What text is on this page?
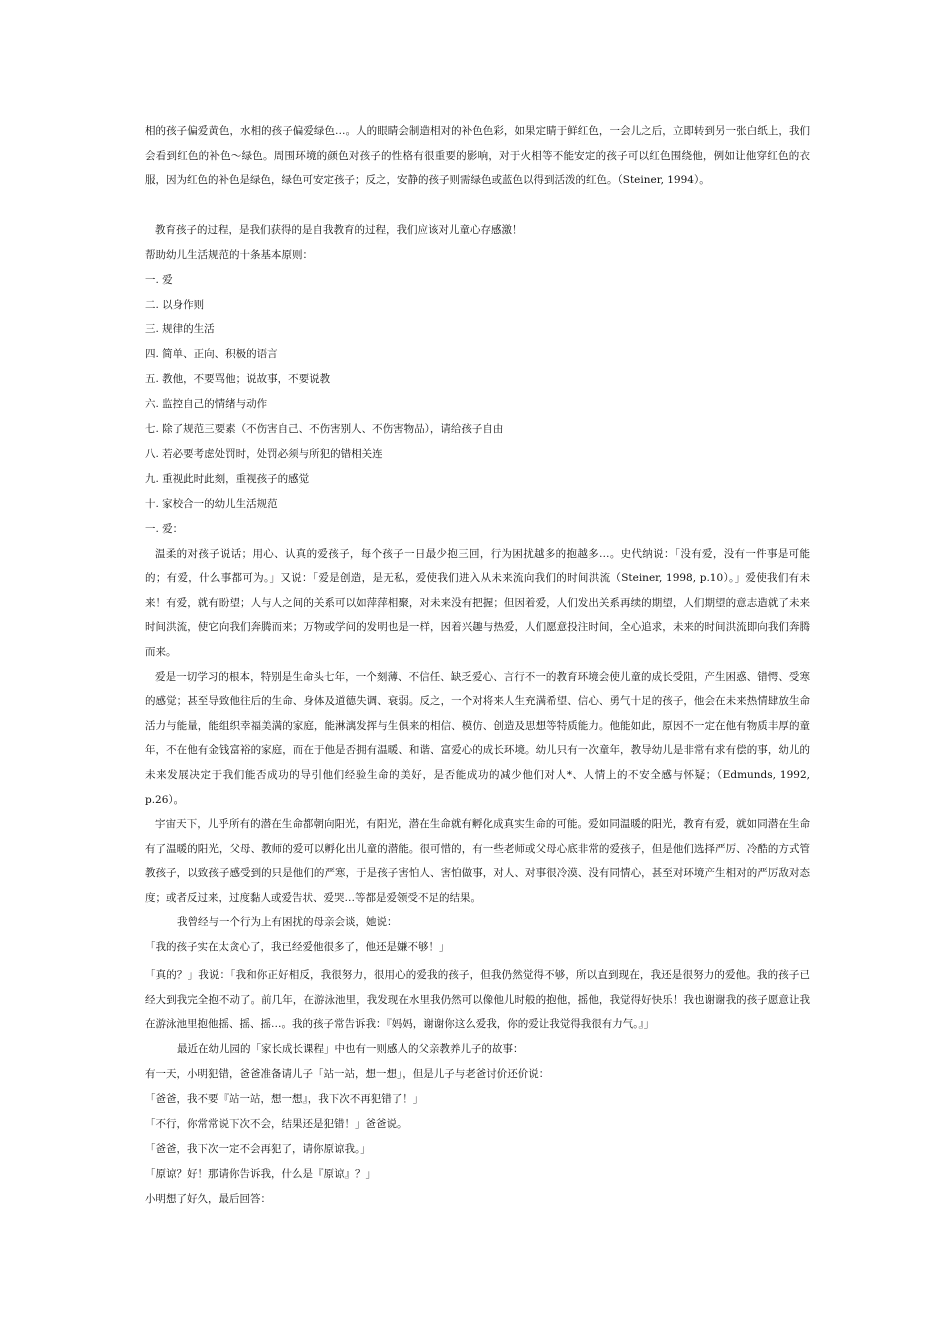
相的孩子偏爱黄色，水相的孩子偏爱绿色…。人的眼睛会制造相对的补色色彩，如果定睛于鲜红色，一会儿之后，立即转到另一张白纸上，我们会看到红色的补色～绿色。周围环境的颜色对孩子的性格有很重要的影响，对于火相等不能安定的孩子可以红色围绕他，例如让他穿红色的衣服，因为红色的补色是绿色，绿色可安定孩子；反之，安静的孩子则需绿色或蓝色以得到活泼的红色。（Steiner, 1994）。

教育孩子的过程，是我们获得的是自我教育的过程，我们应该对儿童心存感激！

帮助幼儿生活规范的十条基本原则：

一. 爱

二. 以身作则

三. 规律的生活

四. 简单、正向、积极的语言

五. 教他，不要骂他；说故事，不要说教

六. 监控自己的情绪与动作

七. 除了规范三要素（不伤害自己、不伤害别人、不伤害物品），请给孩子自由

八. 若必要考虑处罚时，处罚必须与所犯的错相关连

九. 重视此时此刻，重视孩子的感觉

十. 家校合一的幼儿生活规范

一. 爱：

温柔的对孩子说话；用心、认真的爱孩子，每个孩子一日最少抱三回，行为困扰越多的抱越多…。史代纳说：「没有爱，没有一件事是可能的；有爱，什么事都可为。」又说：「爱是创造，是无私，爱使我们进入从未来流向我们的时间洪流（Steiner, 1998, p.10）。」爱使我们有未来！有爱，就有盼望；人与人之间的关系可以如萍萍相聚，对未来没有把握；但因着爱，人们发出关系再续的期望，人们期望的意志造就了未来时间洪流，使它向我们奔腾而来；万物或学问的发明也是一样，因着兴趣与热爱，人们愿意投注时间，全心追求，未来的时间洪流即向我们奔腾而来。

爱是一切学习的根本，特别是生命头七年，一个刻薄、不信任、缺乏爱心、言行不一的教育环境会使儿童的成长受阻，产生困惑、错愕、受寒的感觉；甚至导致他往后的生命、身体及道德失调、衰弱。反之，一个对将来人生充满希望、信心、勇气十足的孩子，他会在未来热情肆放生命活力与能量，能组织幸福美满的家庭，能淋漓发挥与生俱来的相信、模仿、创造及思想等特质能力。他能如此，原因不一定在他有物质丰厚的童年，不在他有金钱富裕的家庭，而在于他是否拥有温暖、和谐、富爱心的成长环境。幼儿只有一次童年，教导幼儿是非常有求有偿的事，幼儿的未来发展决定于我们能否成功的导引他们经验生命的美好，是否能成功的减少他们对人*、人情上的不安全感与怀疑；（Edmunds, 1992, p.26）。

宇宙天下，儿乎所有的潜在生命都朝向阳光，有阳光，潜在生命就有孵化成真实生命的可能。爱如同温暖的阳光，教育有爱，就如同潜在生命有了温暖的阳光，父母、教师的爱可以孵化出儿童的潜能。很可惜的，有一些老师或父母心底非常的爱孩子，但是他们选择严厉、冷酷的方式管教孩子，以致孩子感受到的只是他们的严寒，于是孩子害怕人、害怕做事，对人、对事很冷漠、没有同情心，甚至对环境产生相对的严厉敌对态度；或者反过来，过度黏人或爱告状、爱哭…等都是爱领受不足的结果。

我曾经与一个行为上有困扰的母亲会谈，她说：

「我的孩子实在太贪心了，我已经爱他很多了，他还是嫌不够！」

「真的？」我说：「我和你正好相反，我很努力，很用心的爱我的孩子，但我仍然觉得不够，所以直到现在，我还是很努力的爱他。我的孩子已经大到我完全抱不动了。前几年，在游泳池里，我发现在水里我仍然可以像他儿时般的抱他，摇他，我觉得好快乐！我也谢谢我的孩子愿意让我在游泳池里抱他摇、摇、摇…。我的孩子常告诉我：『妈妈，谢谢你这么爱我，你的爱让我觉得我很有力气。』」

最近在幼儿园的「家长成长课程」中也有一则感人的父亲教养儿子的故事：

有一天，小明犯错，爸爸准备请儿子「站一站，想一想」，但是儿子与老爸讨价还价说：

「爸爸，我不要『站一站，想一想』，我下次不再犯错了！」

「不行，你常常说下次不会，结果还是犯错！」爸爸说。

「爸爸，我下次一定不会再犯了，请你原谅我。」

「原谅？好！那请你告诉我，什么是『原谅』？」

小明想了好久，最后回答：
